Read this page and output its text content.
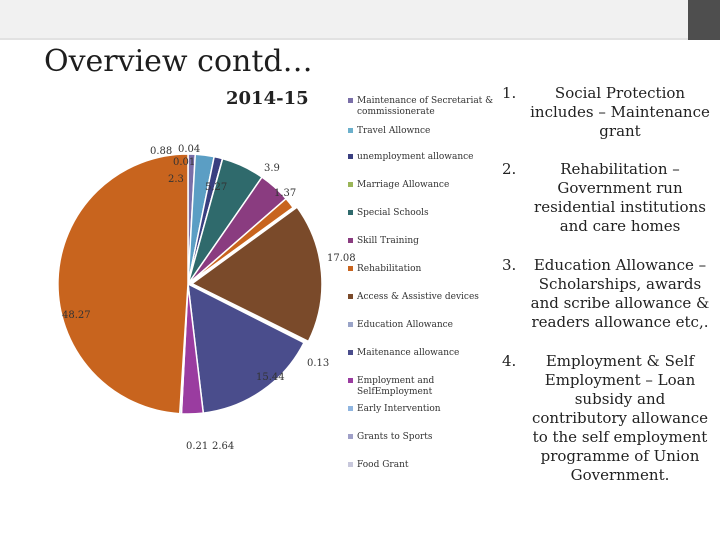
Overview contd…
2014-15
0.88
2.3
0.04
0.01
5.27
3.9
1.37
17.08
0.13
15.44
2.64
0.21
48.27
Maintenance of Secretariat & commissionerate
Travel Allownce
unemployment allowance
Marriage Allowance
Special Schools
Skill Training
Rehabilitation
Access & Assistive devices
Education Allowance
Maitenance allowance
Employment and SelfEmployment
Early Intervention
Grants to Sports
Food Grant
1.	Social Protection includes – Maintenance grant
2.	Rehabilitation – Government run residential institutions and care homes
3.	Education Allowance – Scholarships, awards and scribe allowance & readers allowance etc,.
4.	Employment & Self Employment – Loan subsidy and contributory allowance to the self employment programme of Union Government.
